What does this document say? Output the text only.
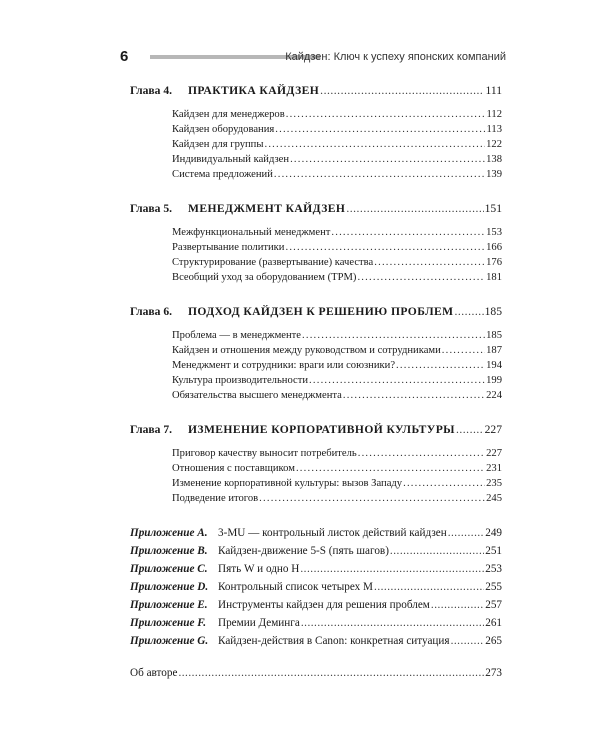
6	Кайдзен: Ключ к успеху японских компаний
Глава 4.	ПРАКТИКА КАЙДЗЕН .....	111
Кайдзен для менеджеров .....	112
Кайдзен оборудования .....	113
Кайдзен для группы .....	122
Индивидуальный кайдзен .....	138
Система предложений .....	139
Глава 5.	МЕНЕДЖМЕНТ КАЙДЗЕН .....	151
Межфункциональный менеджмент .....	153
Развертывание политики .....	166
Структурирование (развертывание) качества .....	176
Всеобщий уход за оборудованием (TPM) .....	181
Глава 6.	ПОДХОД КАЙДЗЕН К РЕШЕНИЮ ПРОБЛЕМ .....	185
Проблема — в менеджменте .....	185
Кайдзен и отношения между руководством и сотрудниками .....	187
Менеджмент и сотрудники: враги или союзники? .....	194
Культура производительности .....	199
Обязательства высшего менеджмента .....	224
Глава 7.	ИЗМЕНЕНИЕ КОРПОРАТИВНОЙ КУЛЬТУРЫ .....	227
Приговор качеству выносит потребитель .....	227
Отношения с поставщиком .....	231
Изменение корпоративной культуры: вызов Западу .....	235
Подведение итогов .....	245
Приложение A. 3-MU — контрольный листок действий кайдзен .....	249
Приложение B. Кайдзен-движение 5-S (пять шагов) .....	251
Приложение C. Пять W и одно H .....	253
Приложение D. Контрольный список четырех M .....	255
Приложение E. Инструменты кайдзен для решения проблем .....	257
Приложение F.	Премии Деминга .....	261
Приложение G. Кайдзен-действия в Canon: конкретная ситуация .....	265
Об авторе .....	273
